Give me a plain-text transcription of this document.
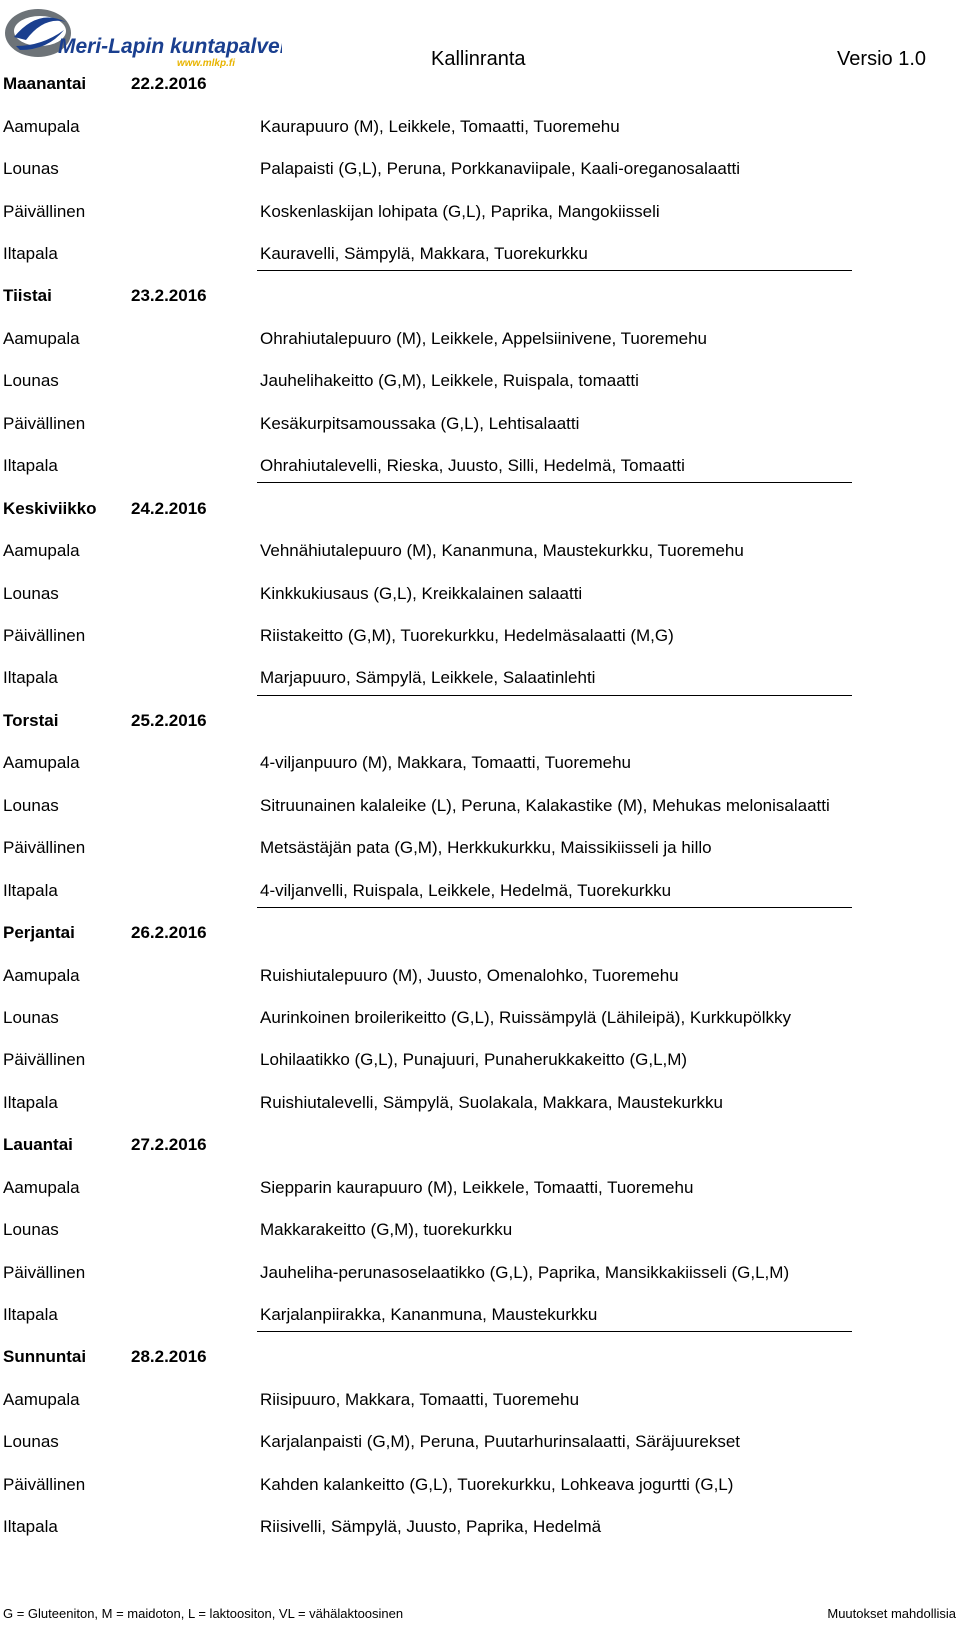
Meri-Lapin kuntapalvelut
www.mlkp.fi	Kallinranta	Versio 1.0
Maanantai	22.2.2016
Aamupala	Kaurapuuro (M), Leikkele, Tomaatti, Tuoremehu
Lounas	Palapaisti (G,L), Peruna, Porkkanaviipale, Kaali-oreganosalaatti
Päivällinen	Koskenlaskijan lohipata (G,L), Paprika, Mangokiisseli
Iltapala	Kauravelli, Sämpylä, Makkara, Tuorekurkku
Tiistai	23.2.2016
Aamupala	Ohrahiutalepuuro (M), Leikkele, Appelsiinivene, Tuoremehu
Lounas	Jauhelihakeitto (G,M), Leikkele, Ruispala, tomaatti
Päivällinen	Kesäkurpitsamoussaka (G,L), Lehtisalaatti
Iltapala	Ohrahiutalevelli, Rieska, Juusto, Silli, Hedelmä, Tomaatti
Keskiviikko 24.2.2016
Aamupala	Vehnähiutalepuuro (M), Kananmuna, Maustekurkku, Tuoremehu
Lounas	Kinkkukiusaus (G,L), Kreikkalainen salaatti
Päivällinen	Riistakeitto (G,M), Tuorekurkku, Hedelmäsalaatti (M,G)
Iltapala	Marjapuuro, Sämpylä, Leikkele, Salaatinlehti
Torstai	25.2.2016
Aamupala	4-viljanpuuro (M), Makkara, Tomaatti, Tuoremehu
Lounas	Sitruunainen kalaleike (L), Peruna, Kalakastike (M), Mehukas melonisalaatti
Päivällinen	Metsästäjän pata (G,M), Herkkukurkku, Maissikiisseli ja hillo
Iltapala	4-viljanvelli, Ruispala, Leikkele, Hedelmä, Tuorekurkku
Perjantai	26.2.2016
Aamupala	Ruishiutalepuuro (M), Juusto, Omenalohko, Tuoremehu
Lounas	Aurinkoinen broilerikeitto (G,L), Ruissämpylä (Lähileipä), Kurkkupölkky
Päivällinen	Lohilaatikko (G,L), Punajuuri, Punaherukkakeitto (G,L,M)
Iltapala	Ruishiutalevelli, Sämpylä, Suolakala, Makkara, Maustekurkku
Lauantai	27.2.2016
Aamupala	Siepparin kaurapuuro (M), Leikkele, Tomaatti, Tuoremehu
Lounas	Makkarakeitto (G,M), tuorekurkku
Päivällinen	Jauheliha-perunasoselaatikko (G,L), Paprika, Mansikkakiisseli (G,L,M)
Iltapala	Karjalanpiirakka, Kananmuna, Maustekurkku
Sunnuntai	28.2.2016
Aamupala	Riisipuuro, Makkara, Tomaatti, Tuoremehu
Lounas	Karjalanpaisti (G,M), Peruna, Puutarhurinsalaatti, Säräjuurekset
Päivällinen	Kahden kalankeitto (G,L), Tuorekurkku, Lohkeava jogurtti (G,L)
Iltapala	Riisivelli, Sämpylä, Juusto, Paprika, Hedelmä
G = Gluteeniton, M = maidoton, L = laktoositon, VL = vähälaktoosinen	Muutokset mahdollisia
